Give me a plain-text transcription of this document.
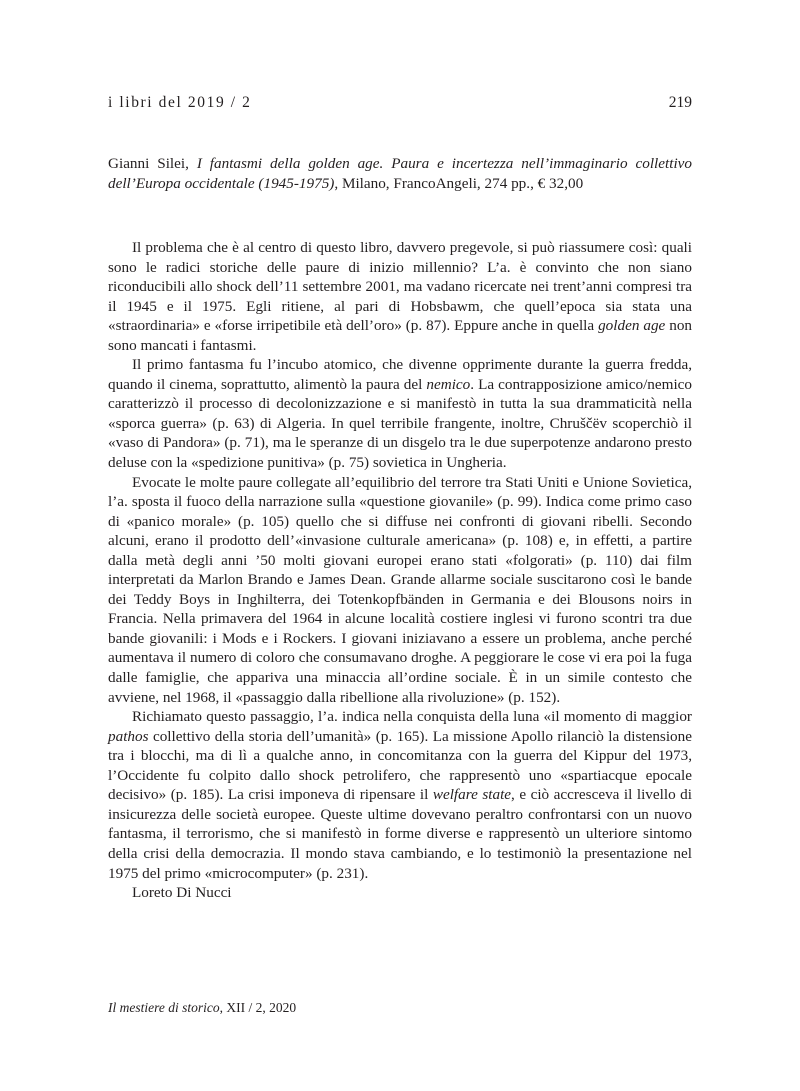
i libri del 2019 / 2	219
Gianni Silei, I fantasmi della golden age. Paura e incertezza nell’immaginario collettivo dell’Europa occidentale (1945-1975), Milano, FrancoAngeli, 274 pp., € 32,00

Il problema che è al centro di questo libro, davvero pregevole, si può riassumere così: quali sono le radici storiche delle paure di inizio millennio? L’a. è convinto che non siano riconducibili allo shock dell’11 settembre 2001, ma vadano ricercate nei trent’anni compresi tra il 1945 e il 1975. Egli ritiene, al pari di Hobsbawm, che quell’epoca sia stata una «straordinaria» e «forse irripetibile età dell’oro» (p. 87). Eppure anche in quella golden age non sono mancati i fantasmi.

Il primo fantasma fu l’incubo atomico, che divenne opprimente durante la guerra fredda, quando il cinema, soprattutto, alimentò la paura del nemico. La contrapposizione amico/nemico caratterizzò il processo di decolonizzazione e si manifestò in tutta la sua drammaticità nella «sporca guerra» (p. 63) di Algeria. In quel terribile frangente, inoltre, Chruščëv scoperchiò il «vaso di Pandora» (p. 71), ma le speranze di un disgelo tra le due superpotenze andarono presto deluse con la «spedizione punitiva» (p. 75) sovietica in Ungheria.

Evocate le molte paure collegate all’equilibrio del terrore tra Stati Uniti e Unione Sovietica, l’a. sposta il fuoco della narrazione sulla «questione giovanile» (p. 99). Indica come primo caso di «panico morale» (p. 105) quello che si diffuse nei confronti di giovani ribelli. Secondo alcuni, erano il prodotto dell’«invasione culturale americana» (p. 108) e, in effetti, a partire dalla metà degli anni ’50 molti giovani europei erano stati «folgorati» (p. 110) dai film interpretati da Marlon Brando e James Dean. Grande allarme sociale suscitarono così le bande dei Teddy Boys in Inghilterra, dei Totenkopfbänden in Germania e dei Blousons noirs in Francia. Nella primavera del 1964 in alcune località costiere inglesi vi furono scontri tra due bande giovanili: i Mods e i Rockers. I giovani iniziavano a essere un problema, anche perché aumentava il numero di coloro che consumavano droghe. A peggiorare le cose vi era poi la fuga dalle famiglie, che appariva una minaccia all’ordine sociale. È in un simile contesto che avviene, nel 1968, il «passaggio dalla ribellione alla rivoluzione» (p. 152).

Richiamato questo passaggio, l’a. indica nella conquista della luna «il momento di maggior pathos collettivo della storia dell’umanità» (p. 165). La missione Apollo rilanciò la distensione tra i blocchi, ma di lì a qualche anno, in concomitanza con la guerra del Kippur del 1973, l’Occidente fu colpito dallo shock petrolifero, che rappresentò uno «spartiacque epocale decisivo» (p. 185). La crisi imponeva di ripensare il welfare state, e ciò accresceva il livello di insicurezza delle società europee. Queste ultime dovevano peraltro confrontarsi con un nuovo fantasma, il terrorismo, che si manifestò in forme diverse e rappresentò un ulteriore sintomo della crisi della democrazia. Il mondo stava cambiando, e lo testimoniò la presentazione nel 1975 del primo «microcomputer» (p. 231).

Loreto Di Nucci

Il mestiere di storico, XII / 2, 2020
